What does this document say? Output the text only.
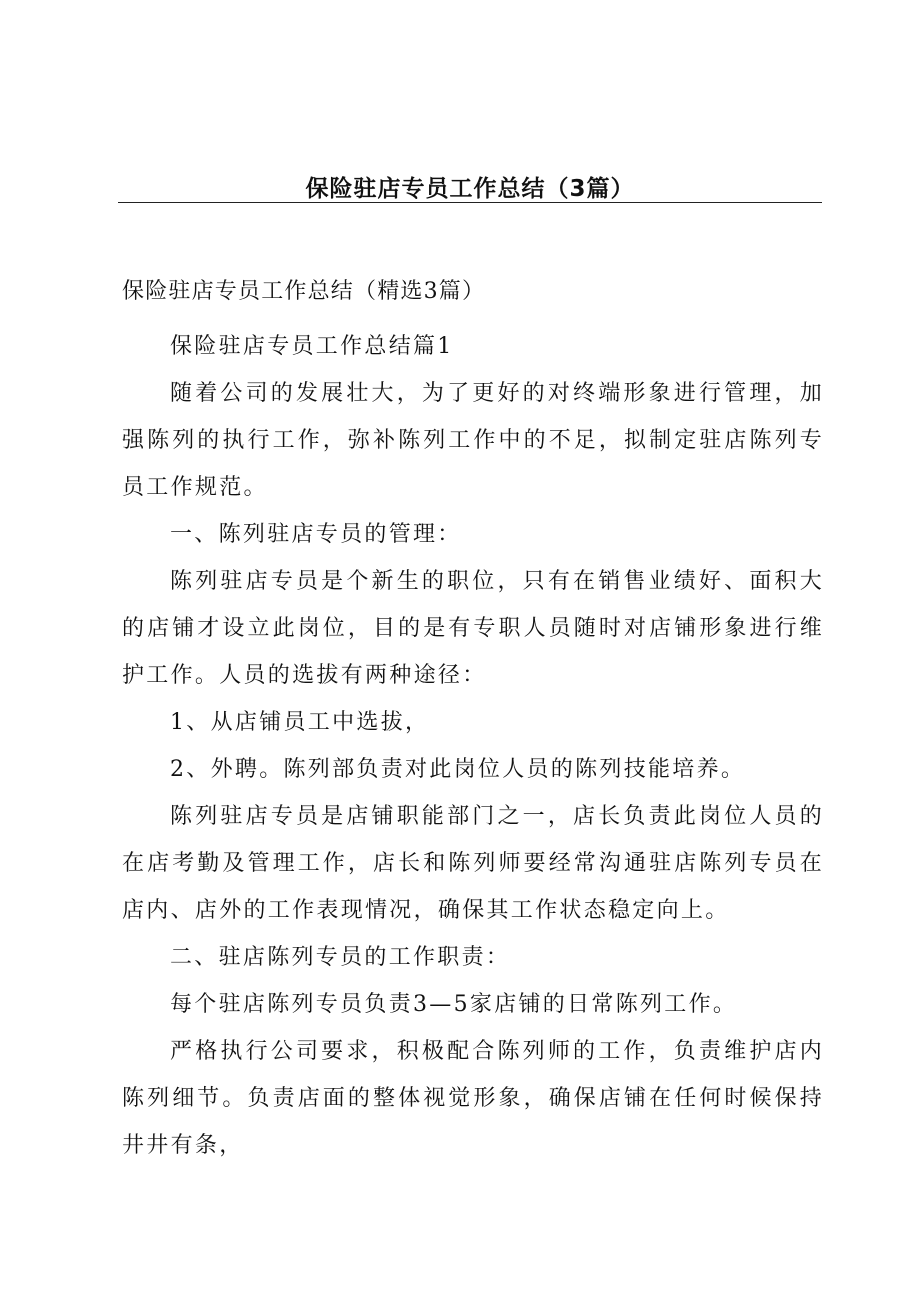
保险驻店专员工作总结（3篇）

保险驻店专员工作总结（精选3篇）

保险驻店专员工作总结篇1

随着公司的发展壮大，为了更好的对终端形象进行管理，加强陈列的执行工作，弥补陈列工作中的不足，拟制定驻店陈列专员工作规范。

一、陈列驻店专员的管理：

陈列驻店专员是个新生的职位，只有在销售业绩好、面积大的店铺才设立此岗位，目的是有专职人员随时对店铺形象进行维护工作。人员的选拔有两种途径：

1、从店铺员工中选拔，

2、外聘。陈列部负责对此岗位人员的陈列技能培养。

陈列驻店专员是店铺职能部门之一，店长负责此岗位人员的在店考勤及管理工作，店长和陈列师要经常沟通驻店陈列专员在店内、店外的工作表现情况，确保其工作状态稳定向上。

二、驻店陈列专员的工作职责：

每个驻店陈列专员负责3—5家店铺的日常陈列工作。

严格执行公司要求，积极配合陈列师的工作，负责维护店内陈列细节。负责店面的整体视觉形象，确保店铺在任何时候保持井井有条，
